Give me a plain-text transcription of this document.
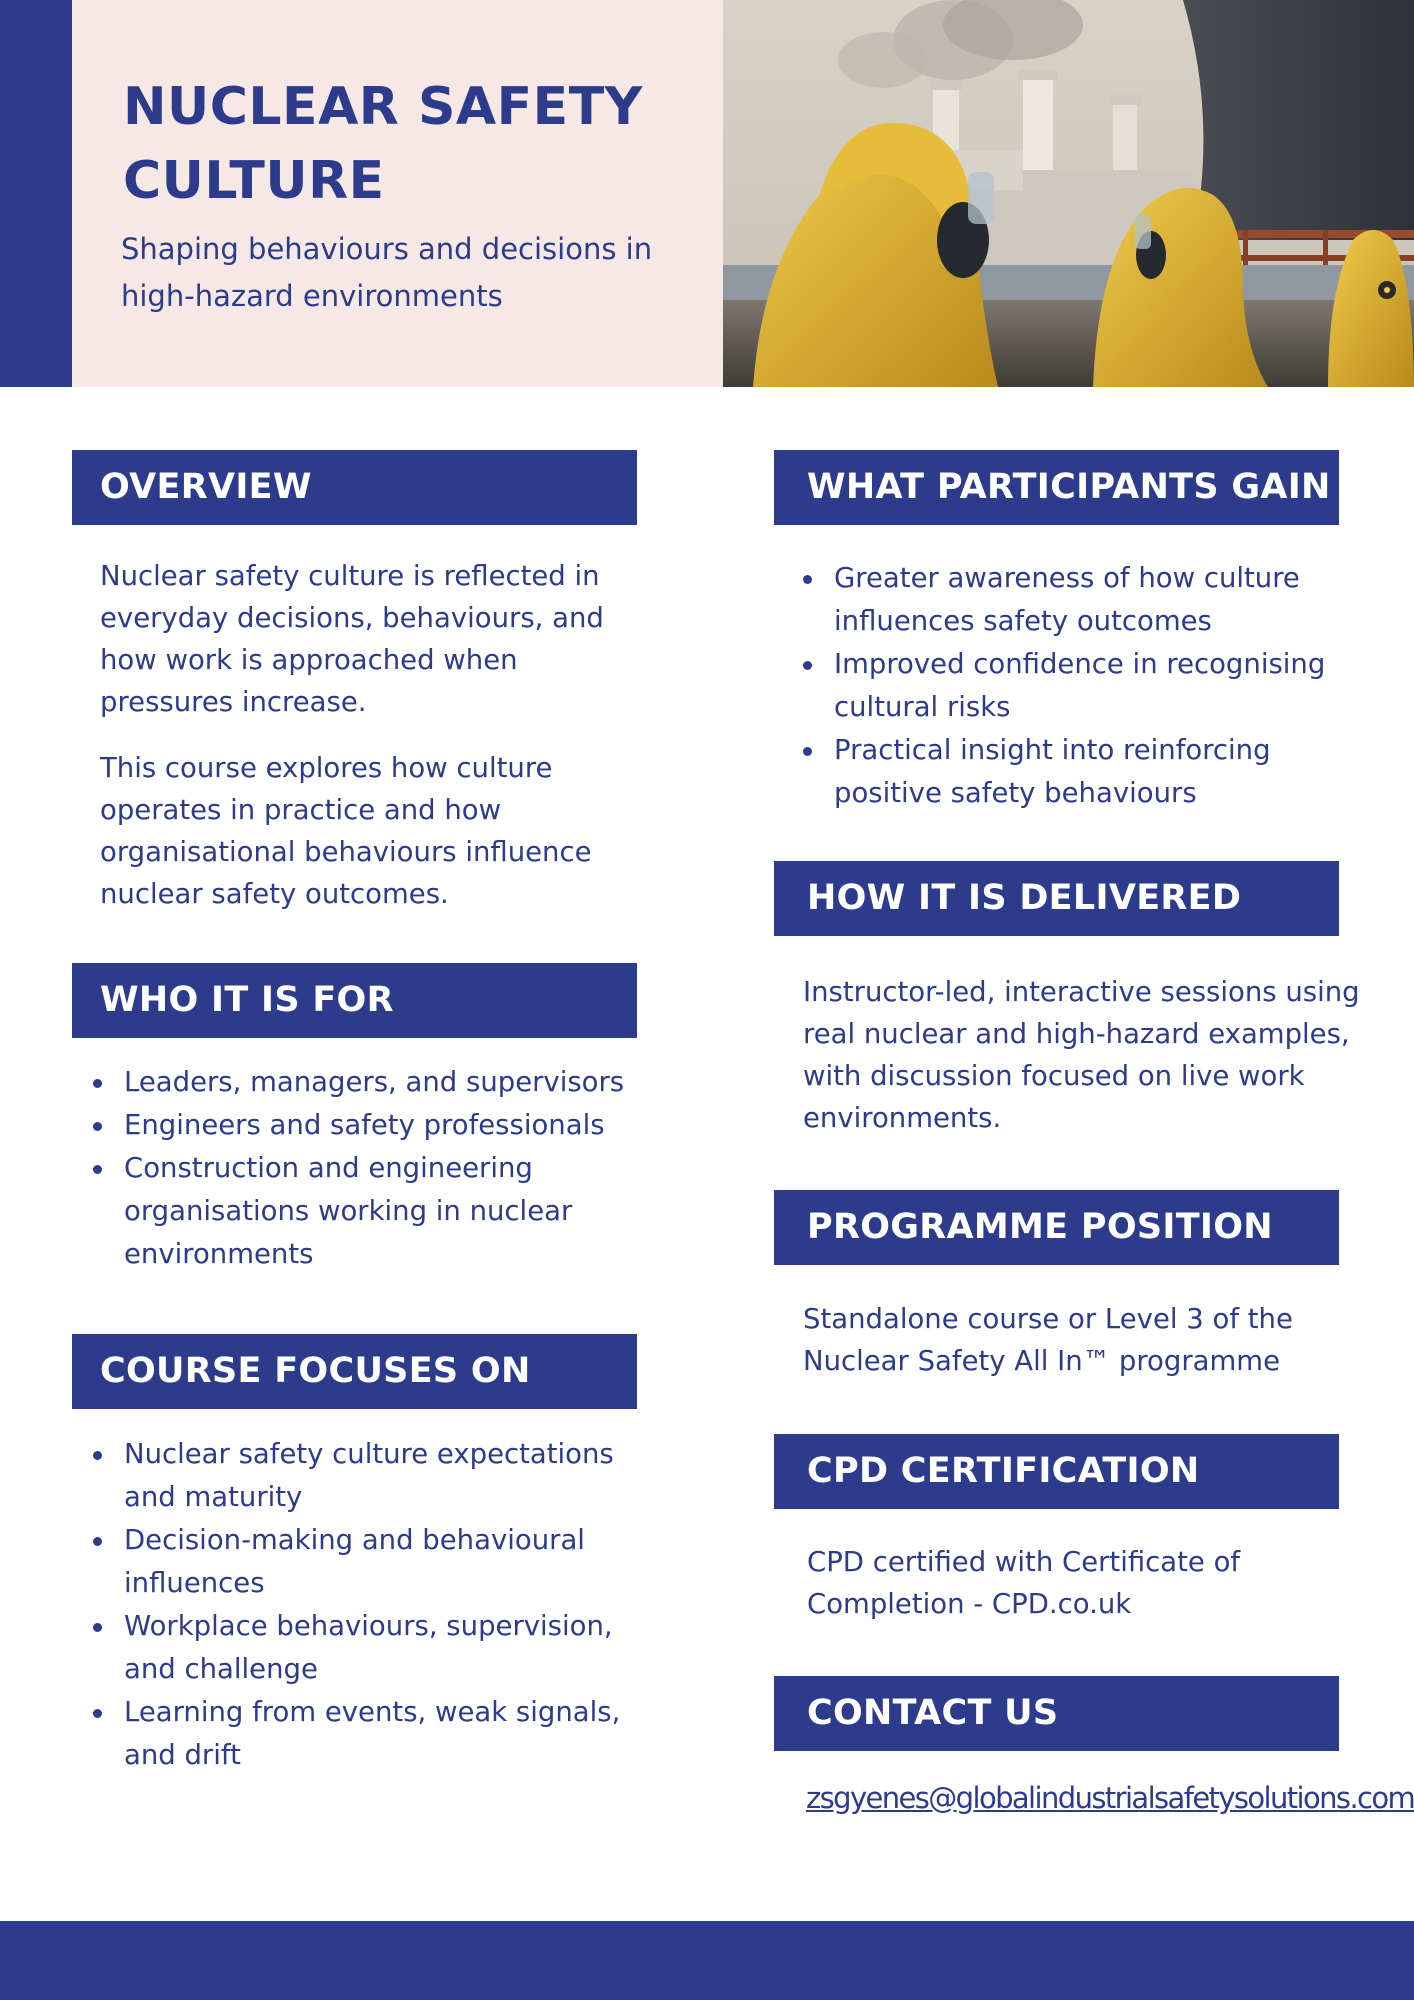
NUCLEAR SAFETY
CULTURE

Shaping behaviours and decisions in
high-hazard environments

OVERVIEW

Nuclear safety culture is reflected in
everyday decisions, behaviours, and
how work is approached when
pressures increase.

This course explores how culture
operates in practice and how
organisational behaviours influence
nuclear safety outcomes.

WHO IT IS FOR
Leaders, managers, and supervisors
Engineers and safety professionals
Construction and engineering
organisations working in nuclear
environments
COURSE FOCUSES ON
Nuclear safety culture expectations
and maturity
Decision-making and behavioural
influences
Workplace behaviours, supervision,
and challenge
Learning from events, weak signals,
and drift
WHAT PARTICIPANTS GAIN
Greater awareness of how culture
influences safety outcomes
Improved confidence in recognising
cultural risks
Practical insight into reinforcing
positive safety behaviours
HOW IT IS DELIVERED

Instructor-led, interactive sessions using
real nuclear and high-hazard examples,
with discussion focused on live work
environments.

PROGRAMME POSITION

Standalone course or Level 3 of the
Nuclear Safety All In™ programme

CPD CERTIFICATION

CPD certified with Certificate of
Completion - CPD.co.uk

CONTACT US
zsgyenes@globalindustrialsafetysolutions.com
